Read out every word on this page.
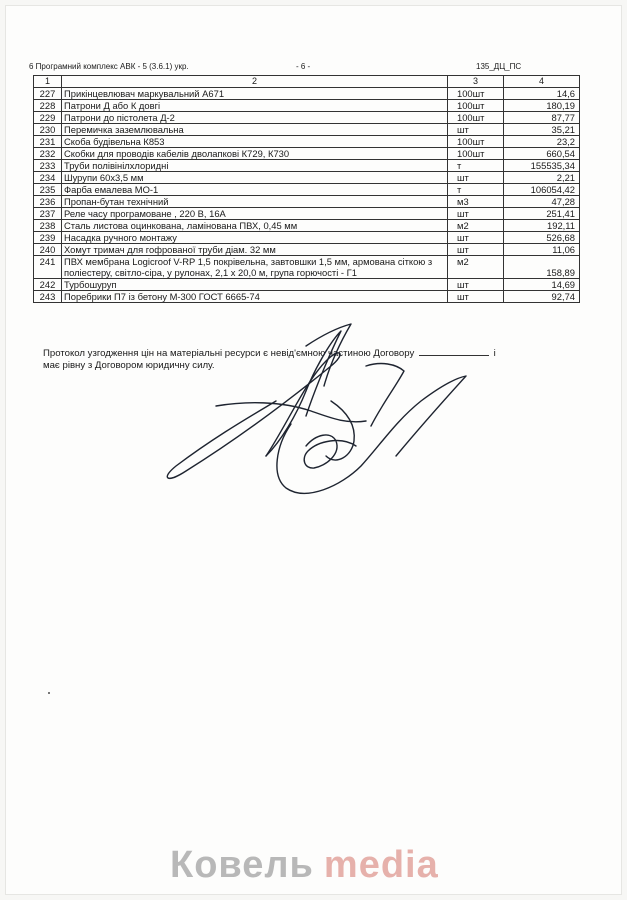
6 Програмний комплекс АВК - 5 (3.6.1) укр.	- 6 -	135_ДЦ_ПС
1	2	3	4
227	Прикінцевлювач маркувальний А671	100шт	14,6
228	Патрони Д або К довгі	100шт	180,19
229	Патрони до пістолета Д-2	100шт	87,77
230	Перемичка заземлювальна	шт	35,21
231	Скоба будівельна К853	100шт	23,2
232	Скобки для проводів кабелів дволапкові К729, К730	100шт	660,54
233	Труби полівінілхлоридні	т	155535,34
234	Шурупи 60х3,5 мм	шт	2,21
235	Фарба емалева МО-1	т	106054,42
236	Пропан-бутан технічний	м3	47,28
237	Реле часу програмоване , 220 В, 16А	шт	251,41
238	Сталь листова оцинкована, ламінована ПВХ, 0,45 мм	м2	192,11
239	Насадка ручного монтажу	шт	526,68
240	Хомут тримач для гофрованої труби діам. 32 мм	шт	11,06
241	ПВХ мембрана Logicroof V-RP 1,5 покрівельна, завтовшки 1,5 мм, армована сіткою з поліестеру, світло-сіра, у рулонах, 2,1 х 20,0 м, група горючості - Г1	м2	158,89
242	Турбошуруп	шт	14,69
243	Поребрики П7 із бетону М-300 ГОСТ 6665-74	шт	92,74
Протокол узгодження цін на матеріальні ресурси є невід'ємною частиною Договору	і
має рівну з Договором юридичну силу.
Ковель media
